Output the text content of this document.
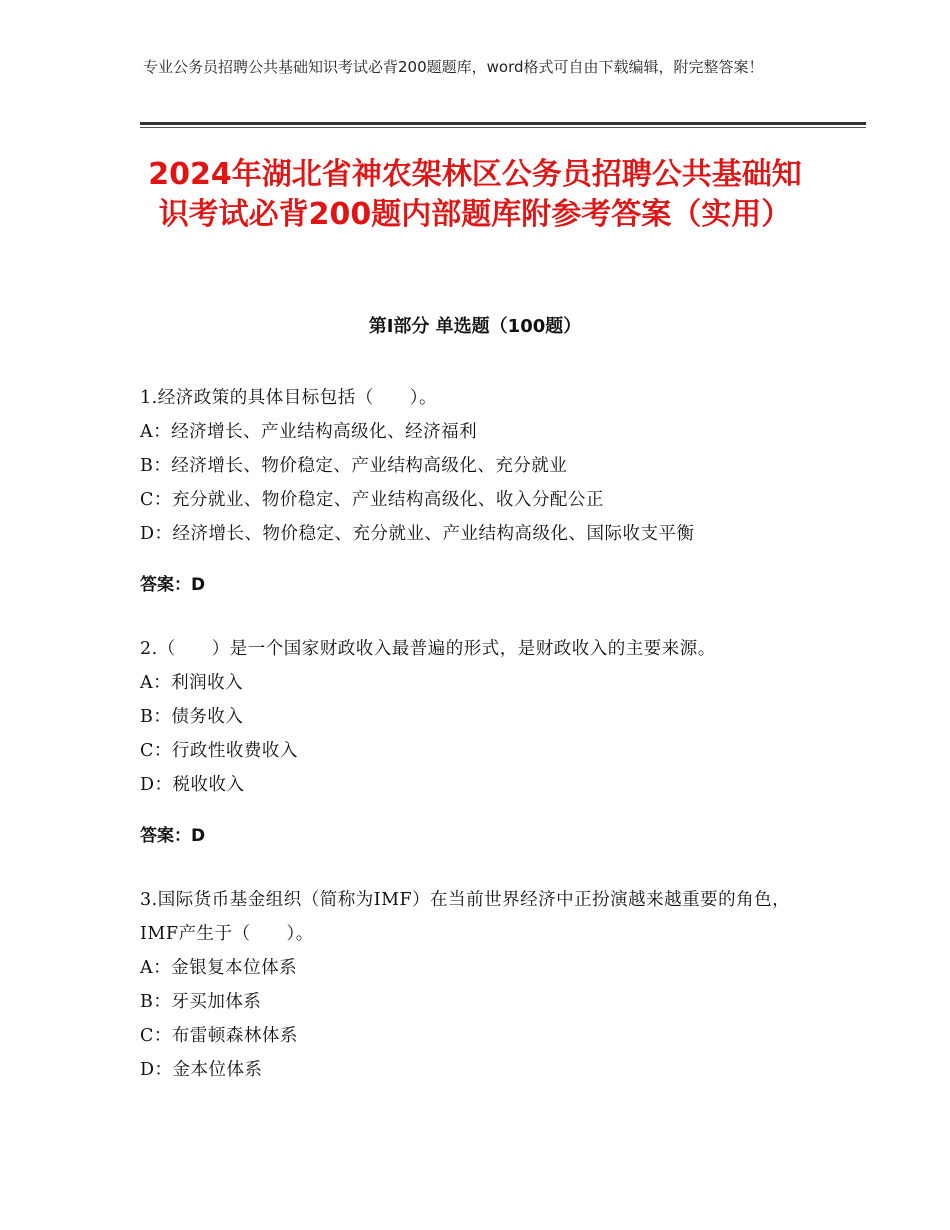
专业公务员招聘公共基础知识考试必背200题题库，word格式可自由下载编辑，附完整答案！
2024年湖北省神农架林区公务员招聘公共基础知识考试必背200题内部题库附参考答案（实用）
第Ⅰ部分 单选题（100题）

1.经济政策的具体目标包括（　　）。

A：经济增长、产业结构高级化、经济福利

B：经济增长、物价稳定、产业结构高级化、充分就业

C：充分就业、物价稳定、产业结构高级化、收入分配公正

D：经济增长、物价稳定、充分就业、产业结构高级化、国际收支平衡

答案：D

2.（　　）是一个国家财政收入最普遍的形式，是财政收入的主要来源。

A：利润收入

B：债务收入

C：行政性收费收入

D：税收收入

答案：D

3.国际货币基金组织（简称为IMF）在当前世界经济中正扮演越来越重要的角色，IMF产生于（　　）。

A：金银复本位体系

B：牙买加体系

C：布雷顿森林体系

D：金本位体系
